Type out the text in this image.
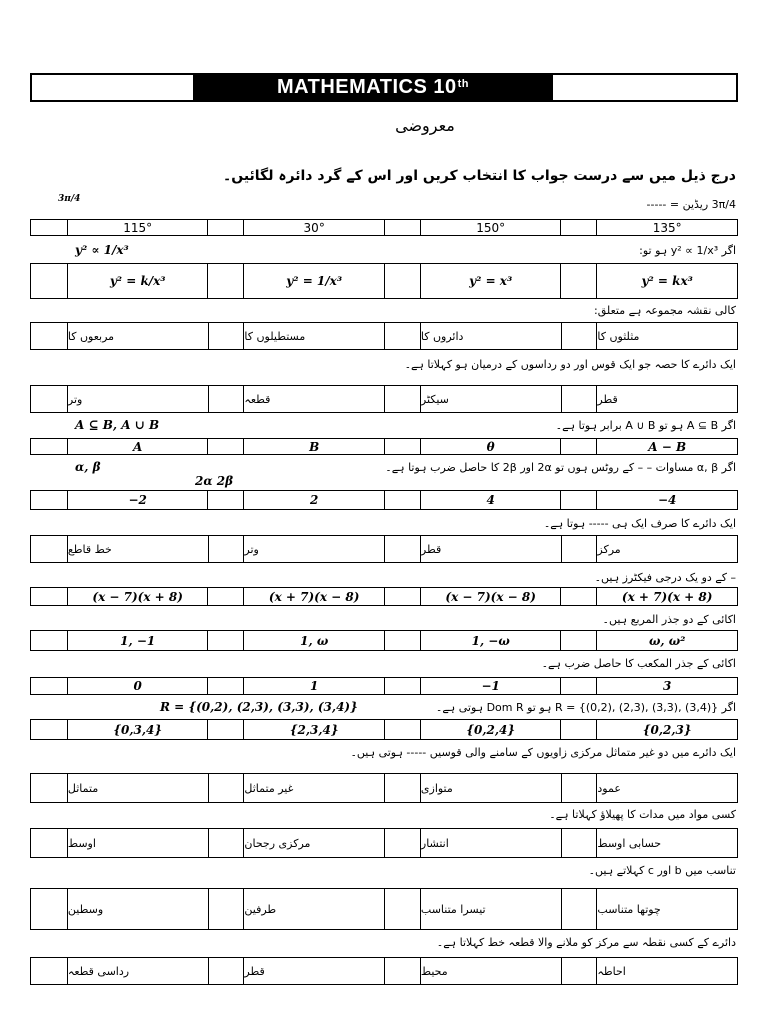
MATHEMATICS 10th
معروضی
درج ذیل میں سے درست جواب کا انتخاب کریں اور اس کے گرد دائرہ لگائیں۔
3π/4	3π/4 ریڈین = -----
115°	30°	150°	135°
y² ∝ 1/x³	اگر y² ∝ 1/x³ ہو تو:
y² = k/x³	y² = 1/x³	y² = x³	y² = kx³
کالی نقشہ مجموعہ ہے متعلق:
مربعوں کا	مستطیلوں کا	دائروں کا	مثلثوں کا
ایک دائرے کا حصہ جو ایک قوس اور دو رداسوں کے درمیان ہو کہلاتا ہے۔
وتر	قطعہ	سیکٹر	قطر
A ⊆ B, A ∪ B	اگر A ⊆ B ہو تو A ∪ B برابر ہوتا ہے۔
A	B	θ	A − B
α, β
2α 2β
اگر α, β مساوات – – کے روٹس ہوں تو 2α اور 2β کا حاصل ضرب ہوتا ہے۔
−2	2	4	−4
ایک دائرے کا صرف ایک ہی ----- ہوتا ہے۔
خط قاطع	وتر	قطر	مرکز
– کے دو یک درجی فیکٹرز ہیں۔
(x − 7)(x + 8)	(x + 7)(x − 8)	(x − 7)(x − 8)	(x + 7)(x + 8)
اکائی کے دو جذر المربع ہیں۔
1, −1	1, ω	1, −ω	ω, ω²
اکائی کے جذر المکعب کا حاصل ضرب ہے۔
0	1	−1	3
R = {(0,2), (2,3), (3,3), (3,4)}	اگر R = {(0,2), (2,3), (3,3), (3,4)} ہو تو Dom R ہوتی ہے۔
{0,3,4}	{2,3,4}	{0,2,4}	{0,2,3}
ایک دائرے میں دو غیر متماثل مرکزی زاویوں کے سامنے والی قوسیں ----- ہوتی ہیں۔
متماثل	غیر متماثل	متوازی	عمود
کسی مواد میں مدات کا پھیلاؤ کہلاتا ہے۔
اوسط	مرکزی رجحان	انتشار	حسابی اوسط
تناسب میں b اور c کہلاتے ہیں۔
وسطین	طرفین	تیسرا متناسب	چوتھا متناسب
دائرے کے کسی نقطہ سے مرکز کو ملانے والا قطعہ خط کہلاتا ہے۔
رداسی قطعہ	قطر	محیط	احاطہ
